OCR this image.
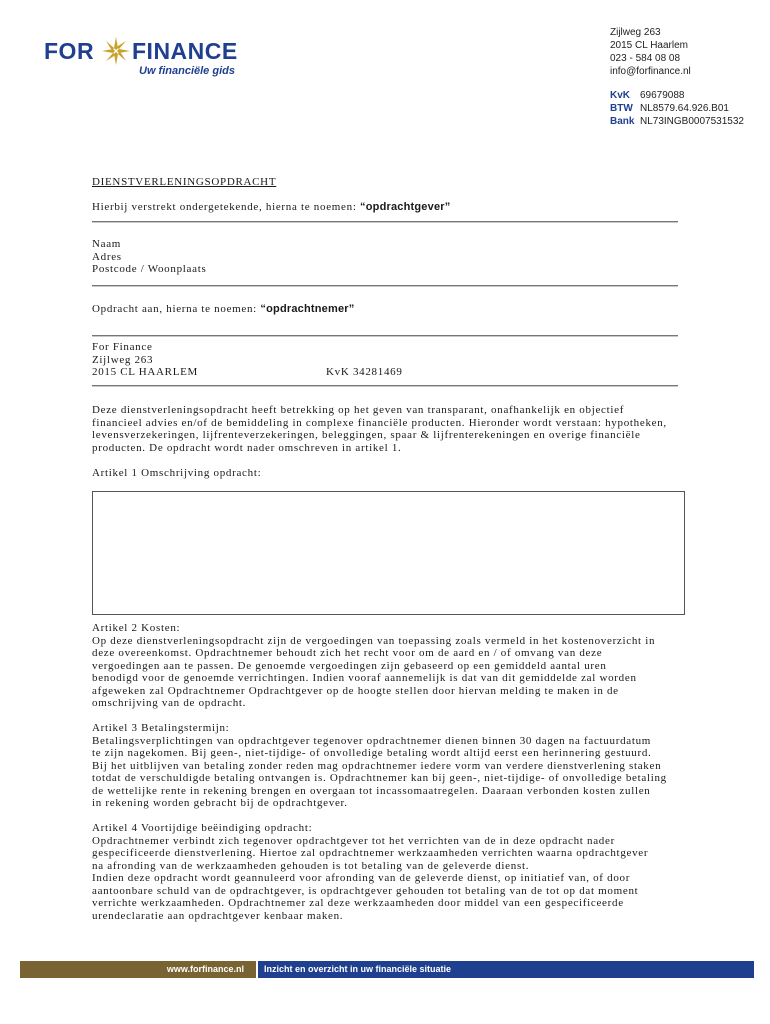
FOR FINANCE
Uw financiële gids
Zijlweg 263
2015 CL Haarlem
023 - 584 08 08
info@forfinance.nl
KvK 69679088
BTW NL8579.64.926.B01
Bank NL73INGB0007531532
DIENSTVERLENINGSOPDRACHT
Hierbij verstrekt ondergetekende, hierna te noemen: “opdrachtgever”
Naam
Adres
Postcode / Woonplaats
Opdracht aan, hierna te noemen: “opdrachtnemer”
For Finance
Zijlweg 263
2015 CL HAARLEM	KvK 34281469
Deze dienstverleningsopdracht heeft betrekking op het geven van transparant, onafhankelijk en objectief
financieel advies en/of de bemiddeling in complexe financiële producten. Hieronder wordt verstaan: hypotheken,
levensverzekeringen, lijfrenteverzekeringen, beleggingen, spaar & lijfrenterekeningen en overige financiële
producten. De opdracht wordt nader omschreven in artikel 1.
Artikel 1 Omschrijving opdracht:
Artikel 2 Kosten:
Op deze dienstverleningsopdracht zijn de vergoedingen van toepassing zoals vermeld in het kostenoverzicht in
deze overeenkomst. Opdrachtnemer behoudt zich het recht voor om de aard en / of omvang van deze
vergoedingen aan te passen. De genoemde vergoedingen zijn gebaseerd op een gemiddeld aantal uren
benodigd voor de genoemde verrichtingen. Indien vooraf aannemelijk is dat van dit gemiddelde zal worden
afgeweken zal Opdrachtnemer Opdrachtgever op de hoogte stellen door hiervan melding te maken in de
omschrijving van de opdracht.
Artikel 3 Betalingstermijn:
Betalingsverplichtingen van opdrachtgever tegenover opdrachtnemer dienen binnen 30 dagen na factuurdatum
te zijn nagekomen. Bij geen-, niet-tijdige- of onvolledige betaling wordt altijd eerst een herinnering gestuurd.
Bij het uitblijven van betaling zonder reden mag opdrachtnemer iedere vorm van verdere dienstverlening staken
totdat de verschuldigde betaling ontvangen is. Opdrachtnemer kan bij geen-, niet-tijdige- of onvolledige betaling
de wettelijke rente in rekening brengen en overgaan tot incassomaatregelen. Daaraan verbonden kosten zullen
in rekening worden gebracht bij de opdrachtgever.
Artikel 4 Voortijdige beëindiging opdracht:
Opdrachtnemer verbindt zich tegenover opdrachtgever tot het verrichten van de in deze opdracht nader
gespecificeerde dienstverlening. Hiertoe zal opdrachtnemer werkzaamheden verrichten waarna opdrachtgever
na afronding van de werkzaamheden gehouden is tot betaling van de geleverde dienst.
Indien deze opdracht wordt geannuleerd voor afronding van de geleverde dienst, op initiatief van, of door
aantoonbare schuld van de opdrachtgever, is opdrachtgever gehouden tot betaling van de tot op dat moment
verrichte werkzaamheden. Opdrachtnemer zal deze werkzaamheden door middel van een gespecificeerde
urendeclaratie aan opdrachtgever kenbaar maken.
www.forfinance.nl Inzicht en overzicht in uw financiële situatie
